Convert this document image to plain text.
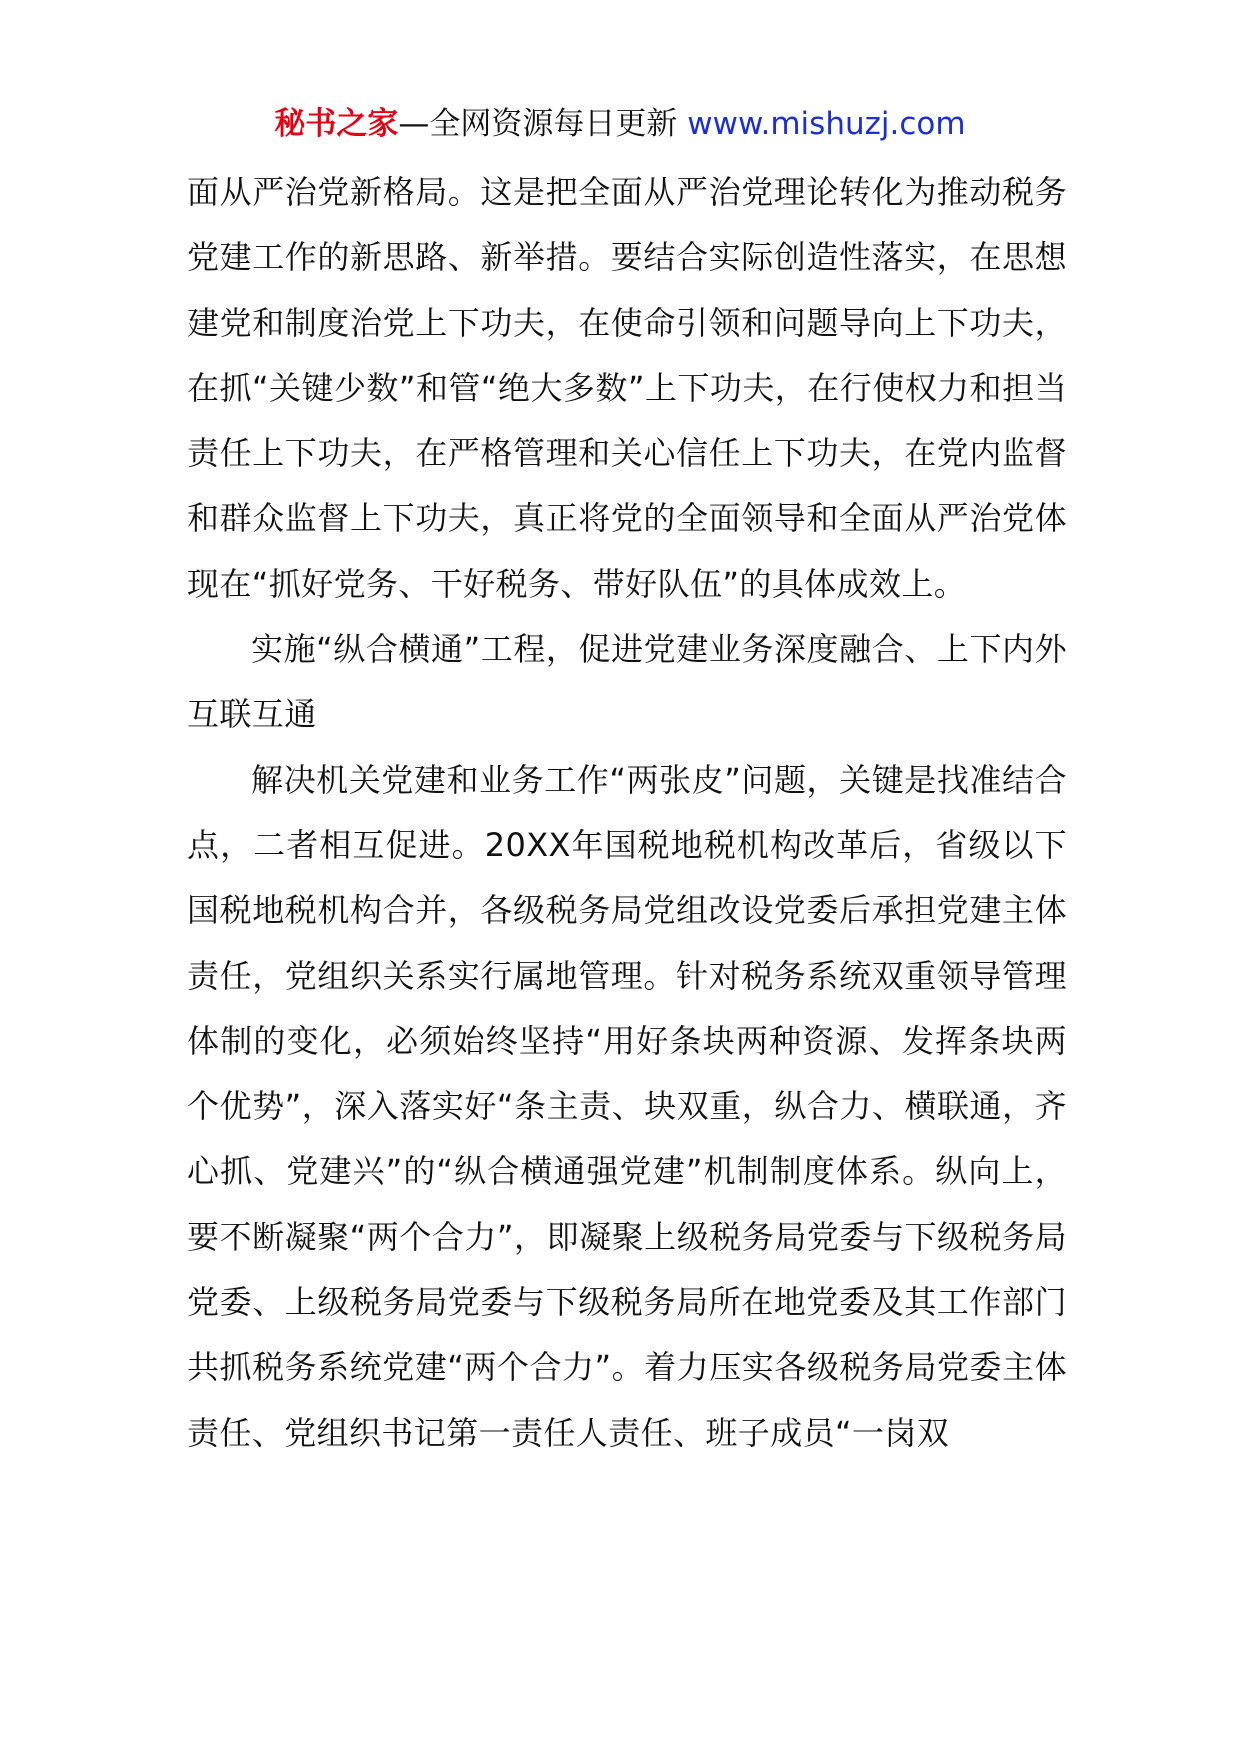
秘书之家—全网资源每日更新 www.mishuzj.com

面从严治党新格局。这是把全面从严治党理论转化为推动税务党建工作的新思路、新举措。要结合实际创造性落实，在思想建党和制度治党上下功夫，在使命引领和问题导向上下功夫，在抓“关键少数”和管“绝大多数”上下功夫，在行使权力和担当责任上下功夫，在严格管理和关心信任上下功夫，在党内监督和群众监督上下功夫，真正将党的全面领导和全面从严治党体现在“抓好党务、干好税务、带好队伍”的具体成效上。

实施“纵合横通”工程，促进党建业务深度融合、上下内外互联互通

解决机关党建和业务工作“两张皮”问题，关键是找准结合点，二者相互促进。20XX年国税地税机构改革后，省级以下国税地税机构合并，各级税务局党组改设党委后承担党建主体责任，党组织关系实行属地管理。针对税务系统双重领导管理体制的变化，必须始终坚持“用好条块两种资源、发挥条块两个优势”，深入落实好“条主责、块双重，纵合力、横联通，齐心抓、党建兴”的“纵合横通强党建”机制制度体系。纵向上，要不断凝聚“两个合力”，即凝聚上级税务局党委与下级税务局党委、上级税务局党委与下级税务局所在地党委及其工作部门共抓税务系统党建“两个合力”。着力压实各级税务局党委主体责任、党组织书记第一责任人责任、班子成员“一岗双
